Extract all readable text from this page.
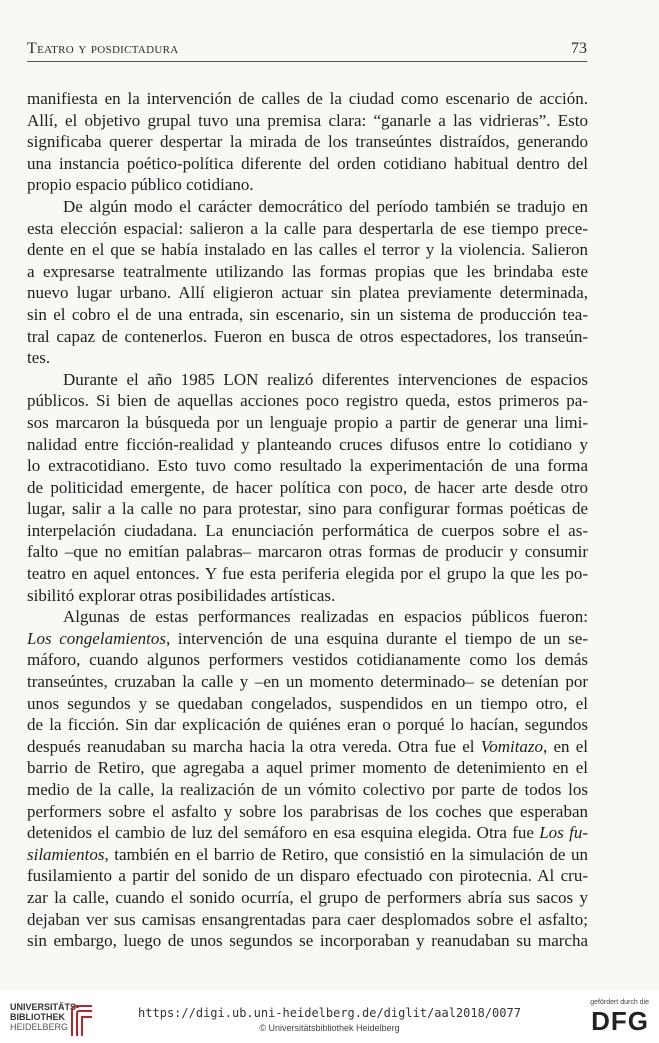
Teatro y posdictadura	73
manifiesta en la intervención de calles de la ciudad como escenario de acción.
Allí, el objetivo grupal tuvo una premisa clara: “ganarle a las vidrieras”. Esto
significaba querer despertar la mirada de los transeúntes distraídos, generando
una instancia poético-política diferente del orden cotidiano habitual dentro del
propio espacio público cotidiano.
De algún modo el carácter democrático del período también se tradujo en
esta elección espacial: salieron a la calle para despertarla de ese tiempo prece-
dente en el que se había instalado en las calles el terror y la violencia. Salieron
a expresarse teatralmente utilizando las formas propias que les brindaba este
nuevo lugar urbano. Allí eligieron actuar sin platea previamente determinada,
sin el cobro el de una entrada, sin escenario, sin un sistema de producción tea-
tral capaz de contenerlos. Fueron en busca de otros espectadores, los transeún-
tes.
Durante el año 1985 LON realizó diferentes intervenciones de espacios
públicos. Si bien de aquellas acciones poco registro queda, estos primeros pa-
sos marcaron la búsqueda por un lenguaje propio a partir de generar una limi-
nalidad entre ficción-realidad y planteando cruces difusos entre lo cotidiano y
lo extracotidiano. Esto tuvo como resultado la experimentación de una forma
de politicidad emergente, de hacer política con poco, de hacer arte desde otro
lugar, salir a la calle no para protestar, sino para configurar formas poéticas de
interpelación ciudadana. La enunciación performática de cuerpos sobre el as-
falto –que no emitían palabras– marcaron otras formas de producir y consumir
teatro en aquel entonces. Y fue esta periferia elegida por el grupo la que les po-
sibilitó explorar otras posibilidades artísticas.
Algunas de estas performances realizadas en espacios públicos fueron:
Los congelamientos, intervención de una esquina durante el tiempo de un se-
máforo, cuando algunos performers vestidos cotidianamente como los demás
transeúntes, cruzaban la calle y –en un momento determinado– se detenían por
unos segundos y se quedaban congelados, suspendidos en un tiempo otro, el
de la ficción. Sin dar explicación de quiénes eran o porqué lo hacían, segundos
después reanudaban su marcha hacia la otra vereda. Otra fue el Vomitazo, en el
barrio de Retiro, que agregaba a aquel primer momento de detenimiento en el
medio de la calle, la realización de un vómito colectivo por parte de todos los
performers sobre el asfalto y sobre los parabrisas de los coches que esperaban
detenidos el cambio de luz del semáforo en esa esquina elegida. Otra fue Los fu-
silamientos, también en el barrio de Retiro, que consistió en la simulación de un
fusilamiento a partir del sonido de un disparo efectuado con pirotecnia. Al cru-
zar la calle, cuando el sonido ocurría, el grupo de performers abría sus sacos y
dejaban ver sus camisas ensangrentadas para caer desplomados sobre el asfalto;
sin embargo, luego de unos segundos se incorporaban y reanudaban su marcha
UNIVERSITÄTS-
BIBLIOTHEK
HEIDELBERG
https://digi.ub.uni-heidelberg.de/diglit/aal2018/0077
© Universitätsbibliothek Heidelberg
gefördert durch die
DFG
